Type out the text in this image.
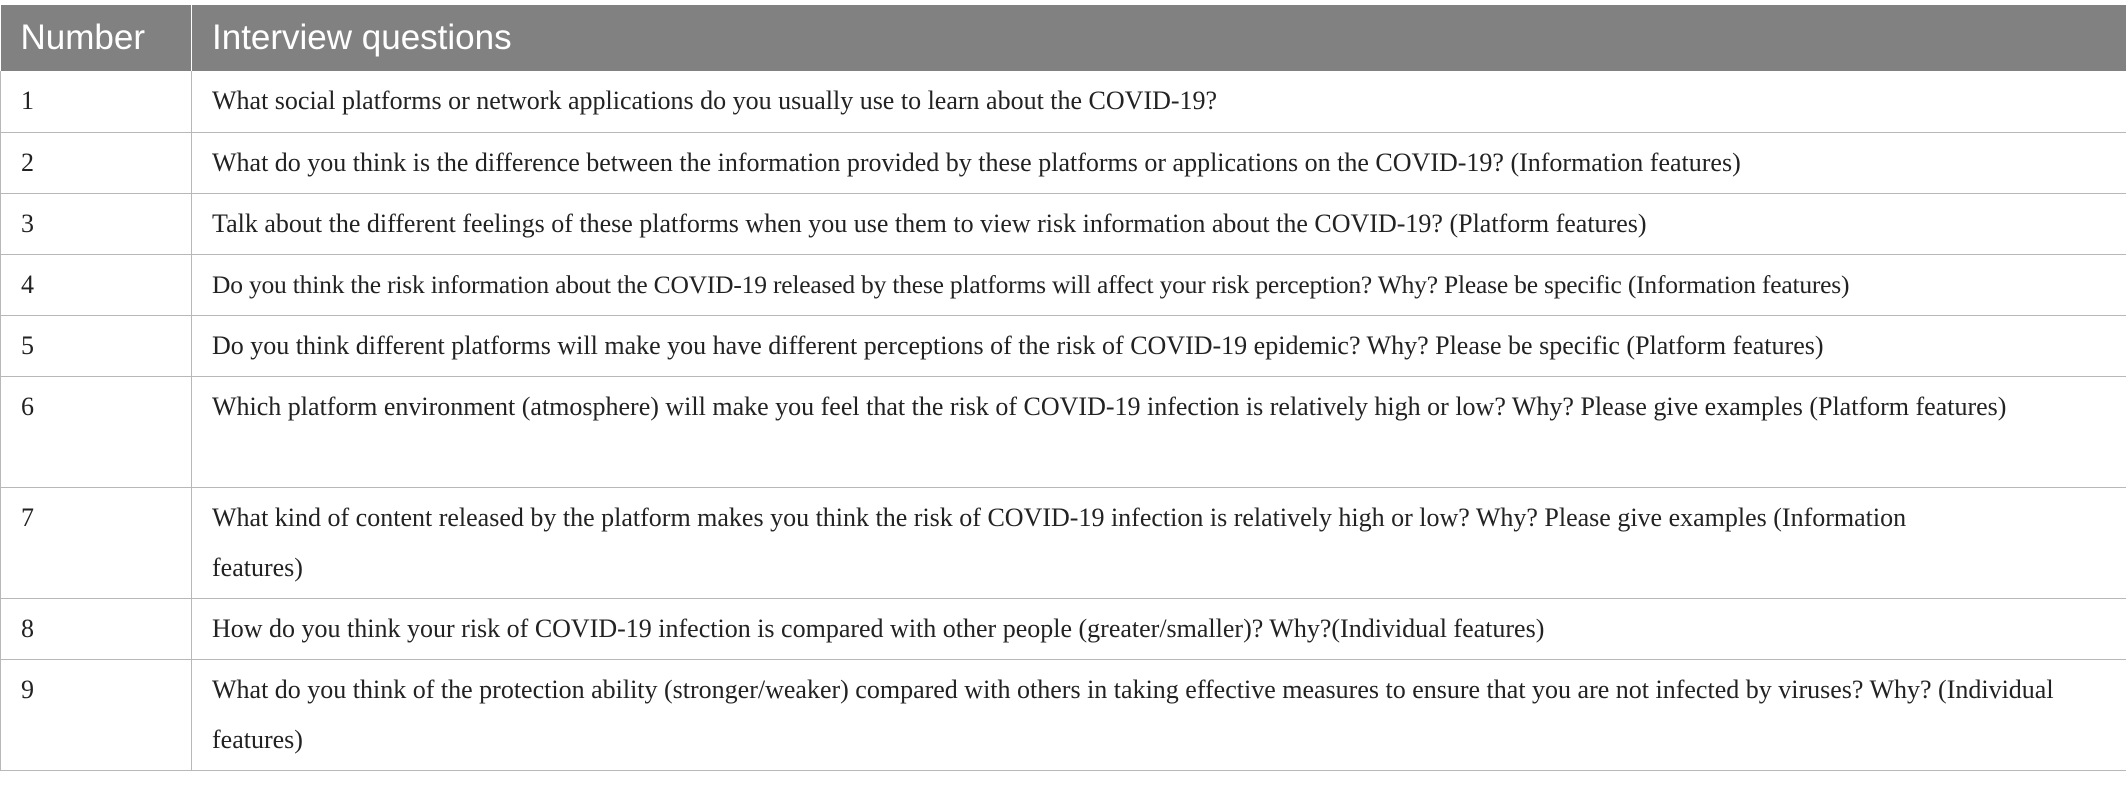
Number	Interview questions
1	What social platforms or network applications do you usually use to learn about the COVID-19?
2	What do you think is the difference between the information provided by these platforms or applications on the COVID-19? (Information features)
3	Talk about the different feelings of these platforms when you use them to view risk information about the COVID-19? (Platform features)
4	Do you think the risk information about the COVID-19 released by these platforms will affect your risk perception? Why? Please be specific (Information features)
5	Do you think different platforms will make you have different perceptions of the risk of COVID-19 epidemic? Why? Please be specific (Platform features)
6	Which platform environment (atmosphere) will make you feel that the risk of COVID-19 infection is relatively high or low? Why? Please give examples (Platform features)
7	What kind of content released by the platform makes you think the risk of COVID-19 infection is relatively high or low? Why? Please give examples (Information features)
8	How do you think your risk of COVID-19 infection is compared with other people (greater/smaller)? Why?(Individual features)
9	What do you think of the protection ability (stronger/weaker) compared with others in taking effective measures to ensure that you are not infected by viruses? Why? (Individual features)
